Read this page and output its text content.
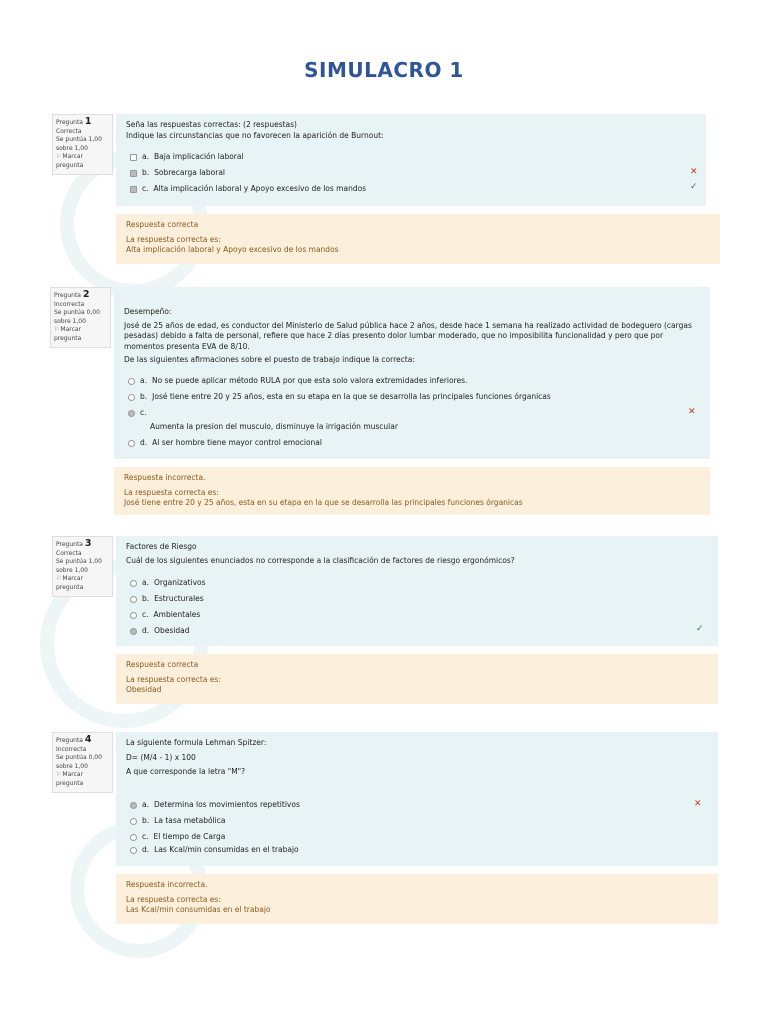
SIMULACRO 1
Pregunta 1
Correcta
Se puntúa 1,00 sobre 1,00
⚐Marcar pregunta

Seña las respuestas correctas: (2 respuestas)

Indique las circunstancias que no favorecen la aparición de Burnout:

a. Baja implicación laboral
b. Sobrecarga laboral	✕
c. Alta implicación laboral y Apoyo excesivo de los mandos	✓
Respuesta correcta
La respuesta correcta es:
Alta implicación laboral y Apoyo excesivo de los mandos
Pregunta 2
Incorrecta
Se puntúa 0,00 sobre 1,00
⚐Marcar pregunta

Desempeño:

José de 25 años de edad, es conductor del Ministerio de Salud pública hace 2 años, desde hace 1 semana ha realizado actividad de bodeguero (cargas pesadas) debido a falta de personal, refiere que hace 2 días presento dolor lumbar moderado, que no imposibilita funcionalidad y pero que por momentos presenta EVA de 8/10.

De las siguientes afirmaciones sobre el puesto de trabajo indique la correcta:

a. No se puede aplicar método RULA por que esta solo valora extremidades inferiores.
b. José tiene entre 20 y 25 años, esta en su etapa en la que se desarrolla las principales funciones órganicas
c.
Aumenta la presion del musculo, disminuye la irrigación muscular
✕
d. Al ser hombre tiene mayor control emocional
Respuesta incorrecta.
La respuesta correcta es:
José tiene entre 20 y 25 años, esta en su etapa en la que se desarrolla las principales funciones órganicas
Pregunta 3
Correcta
Se puntúa 1,00 sobre 1,00
⚐Marcar pregunta

Factores de Riesgo

Cuál de los siguientes enunciados no corresponde a la clasificación de factores de riesgo ergonómicos?

a. Organizativos
b. Estructurales
c. Ambientales
d. Obesidad	✓
Respuesta correcta
La respuesta correcta es:
Obesidad
Pregunta 4
Incorrecta
Se puntúa 0,00 sobre 1,00
⚐Marcar pregunta

La siguiente formula Lehman Spitzer:

D= (M/4 - 1) x 100

A que corresponde la letra "M"?

a. Determina los movimientos repetitivos	✕
b. La tasa metabólica
c. El tiempo de Carga
d. Las Kcal/min consumidas en el trabajo
Respuesta incorrecta.
La respuesta correcta es:
Las Kcal/min consumidas en el trabajo
